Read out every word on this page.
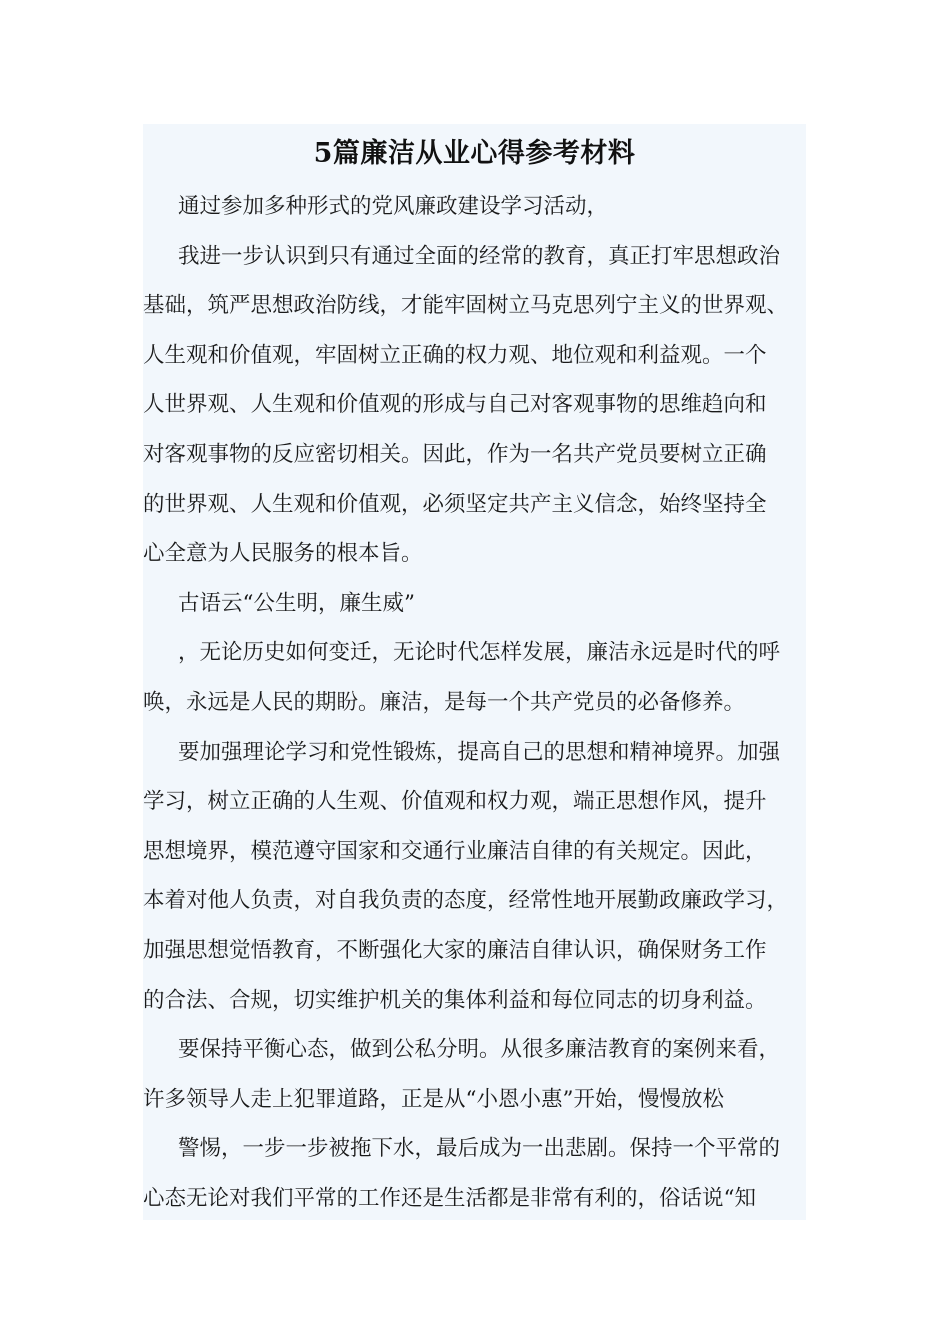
5篇廉洁从业心得参考材料
通过参加多种形式的党风廉政建设学习活动，
我进一步认识到只有通过全面的经常的教育，真正打牢思想政治
基础，筑严思想政治防线，才能牢固树立马克思列宁主义的世界观、
人生观和价值观，牢固树立正确的权力观、地位观和利益观。一个
人世界观、人生观和价值观的形成与自己对客观事物的思维趋向和
对客观事物的反应密切相关。因此，作为一名共产党员要树立正确
的世界观、人生观和价值观，必须坚定共产主义信念，始终坚持全
心全意为人民服务的根本旨。
古语云“公生明，廉生威”
，无论历史如何变迁，无论时代怎样发展，廉洁永远是时代的呼
唤，永远是人民的期盼。廉洁，是每一个共产党员的必备修养。
要加强理论学习和党性锻炼，提高自己的思想和精神境界。加强
学习，树立正确的人生观、价值观和权力观，端正思想作风，提升
思想境界，模范遵守国家和交通行业廉洁自律的有关规定。因此，
本着对他人负责，对自我负责的态度，经常性地开展勤政廉政学习，
加强思想觉悟教育，不断强化大家的廉洁自律认识，确保财务工作
的合法、合规，切实维护机关的集体利益和每位同志的切身利益。
要保持平衡心态，做到公私分明。从很多廉洁教育的案例来看，
许多领导人走上犯罪道路，正是从“小恩小惠”开始，慢慢放松
警惕，一步一步被拖下水，最后成为一出悲剧。保持一个平常的
心态无论对我们平常的工作还是生活都是非常有利的，俗话说“知
